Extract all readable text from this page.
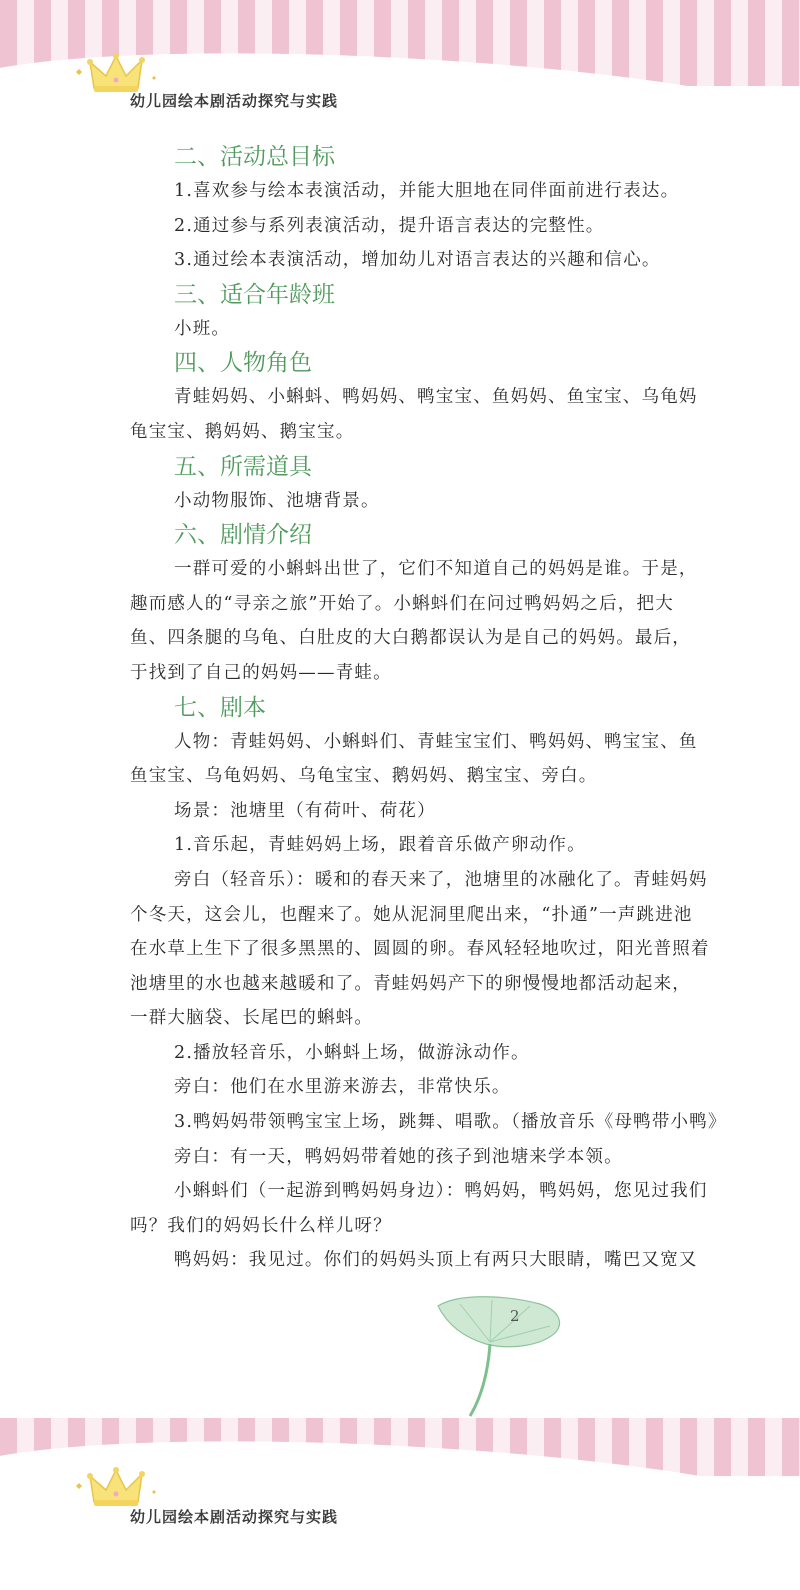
幼儿园绘本剧活动探究与实践
幼儿园绘本剧活动探究与实践
二、活动总目标
1.喜欢参与绘本表演活动，并能大胆地在同伴面前进行表达。
2.通过参与系列表演活动，提升语言表达的完整性。
3.通过绘本表演活动，增加幼儿对语言表达的兴趣和信心。
三、适合年龄班
小班。
四、人物角色
青蛙妈妈、小蝌蚪、鸭妈妈、鸭宝宝、鱼妈妈、鱼宝宝、乌龟妈
龟宝宝、鹅妈妈、鹅宝宝。
五、所需道具
小动物服饰、池塘背景。
六、剧情介绍
一群可爱的小蝌蚪出世了，它们不知道自己的妈妈是谁。于是，
趣而感人的“寻亲之旅”开始了。小蝌蚪们在问过鸭妈妈之后，把大
鱼、四条腿的乌龟、白肚皮的大白鹅都误认为是自己的妈妈。最后，
于找到了自己的妈妈——青蛙。
七、剧本
人物：青蛙妈妈、小蝌蚪们、青蛙宝宝们、鸭妈妈、鸭宝宝、鱼
鱼宝宝、乌龟妈妈、乌龟宝宝、鹅妈妈、鹅宝宝、旁白。
场景：池塘里（有荷叶、荷花）
1.音乐起，青蛙妈妈上场，跟着音乐做产卵动作。
旁白（轻音乐）：暖和的春天来了，池塘里的冰融化了。青蛙妈妈
个冬天，这会儿，也醒来了。她从泥洞里爬出来，“扑通”一声跳进池
在水草上生下了很多黑黑的、圆圆的卵。春风轻轻地吹过，阳光普照着
池塘里的水也越来越暖和了。青蛙妈妈产下的卵慢慢地都活动起来，
一群大脑袋、长尾巴的蝌蚪。
2.播放轻音乐，小蝌蚪上场，做游泳动作。
旁白：他们在水里游来游去，非常快乐。
3.鸭妈妈带领鸭宝宝上场，跳舞、唱歌。（播放音乐《母鸭带小鸭》
旁白：有一天，鸭妈妈带着她的孩子到池塘来学本领。
小蝌蚪们（一起游到鸭妈妈身边）：鸭妈妈，鸭妈妈，您见过我们
吗？我们的妈妈长什么样儿呀？
鸭妈妈：我见过。你们的妈妈头顶上有两只大眼睛，嘴巴又宽又
2
